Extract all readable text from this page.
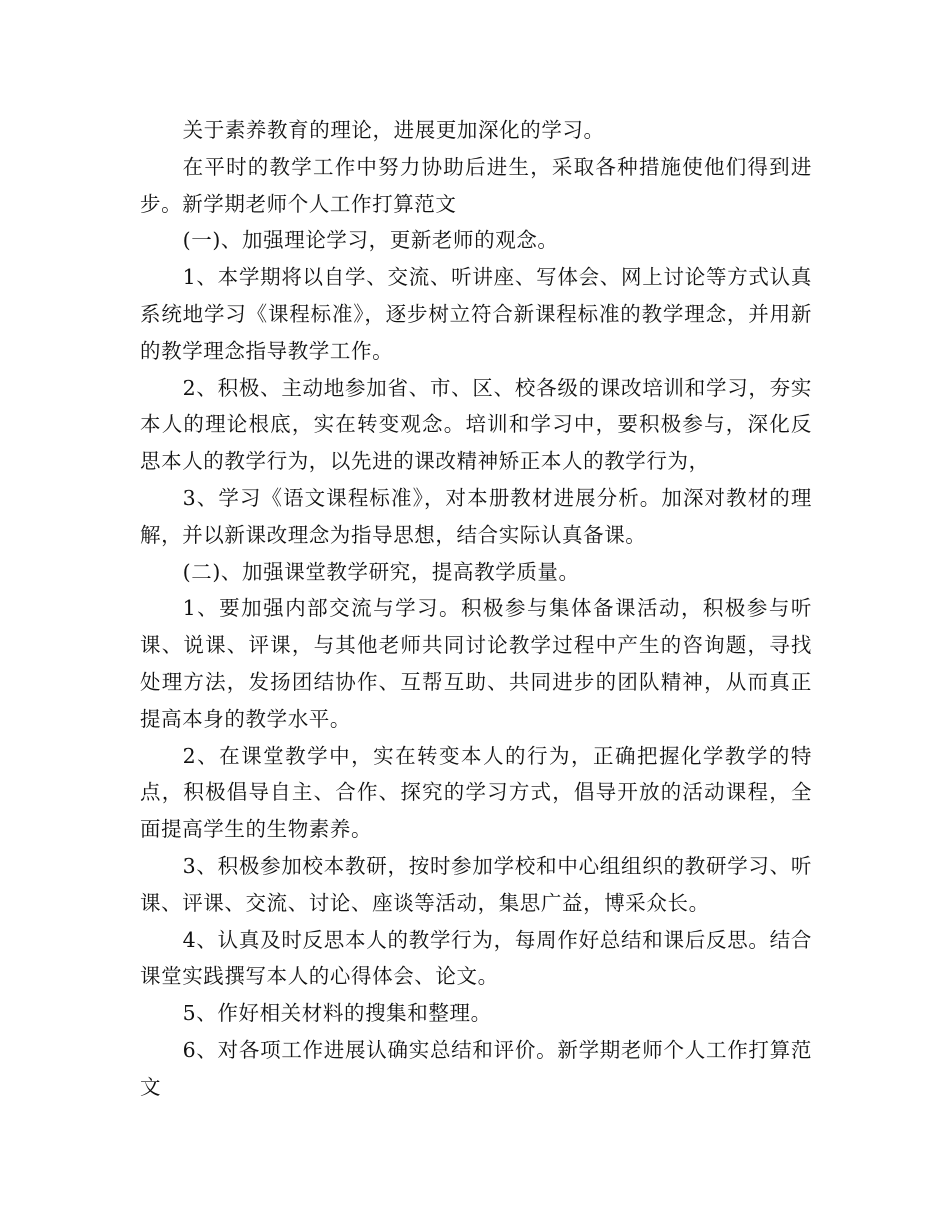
关于素养教育的理论，进展更加深化的学习。

在平时的教学工作中努力协助后进生，采取各种措施使他们得到进步。新学期老师个人工作打算范文

(一)、加强理论学习，更新老师的观念。

1、本学期将以自学、交流、听讲座、写体会、网上讨论等方式认真系统地学习《课程标准》，逐步树立符合新课程标准的教学理念，并用新的教学理念指导教学工作。

2、积极、主动地参加省、市、区、校各级的课改培训和学习，夯实本人的理论根底，实在转变观念。培训和学习中，要积极参与，深化反思本人的教学行为，以先进的课改精神矫正本人的教学行为，

3、学习《语文课程标准》，对本册教材进展分析。加深对教材的理解，并以新课改理念为指导思想，结合实际认真备课。

(二)、加强课堂教学研究，提高教学质量。

1、要加强内部交流与学习。积极参与集体备课活动，积极参与听课、说课、评课，与其他老师共同讨论教学过程中产生的咨询题，寻找处理方法，发扬团结协作、互帮互助、共同进步的团队精神，从而真正提高本身的教学水平。

2、在课堂教学中，实在转变本人的行为，正确把握化学教学的特点，积极倡导自主、合作、探究的学习方式，倡导开放的活动课程，全面提高学生的生物素养。

3、积极参加校本教研，按时参加学校和中心组组织的教研学习、听课、评课、交流、讨论、座谈等活动，集思广益，博采众长。

4、认真及时反思本人的教学行为，每周作好总结和课后反思。结合课堂实践撰写本人的心得体会、论文。

5、作好相关材料的搜集和整理。

6、对各项工作进展认确实总结和评价。新学期老师个人工作打算范文
